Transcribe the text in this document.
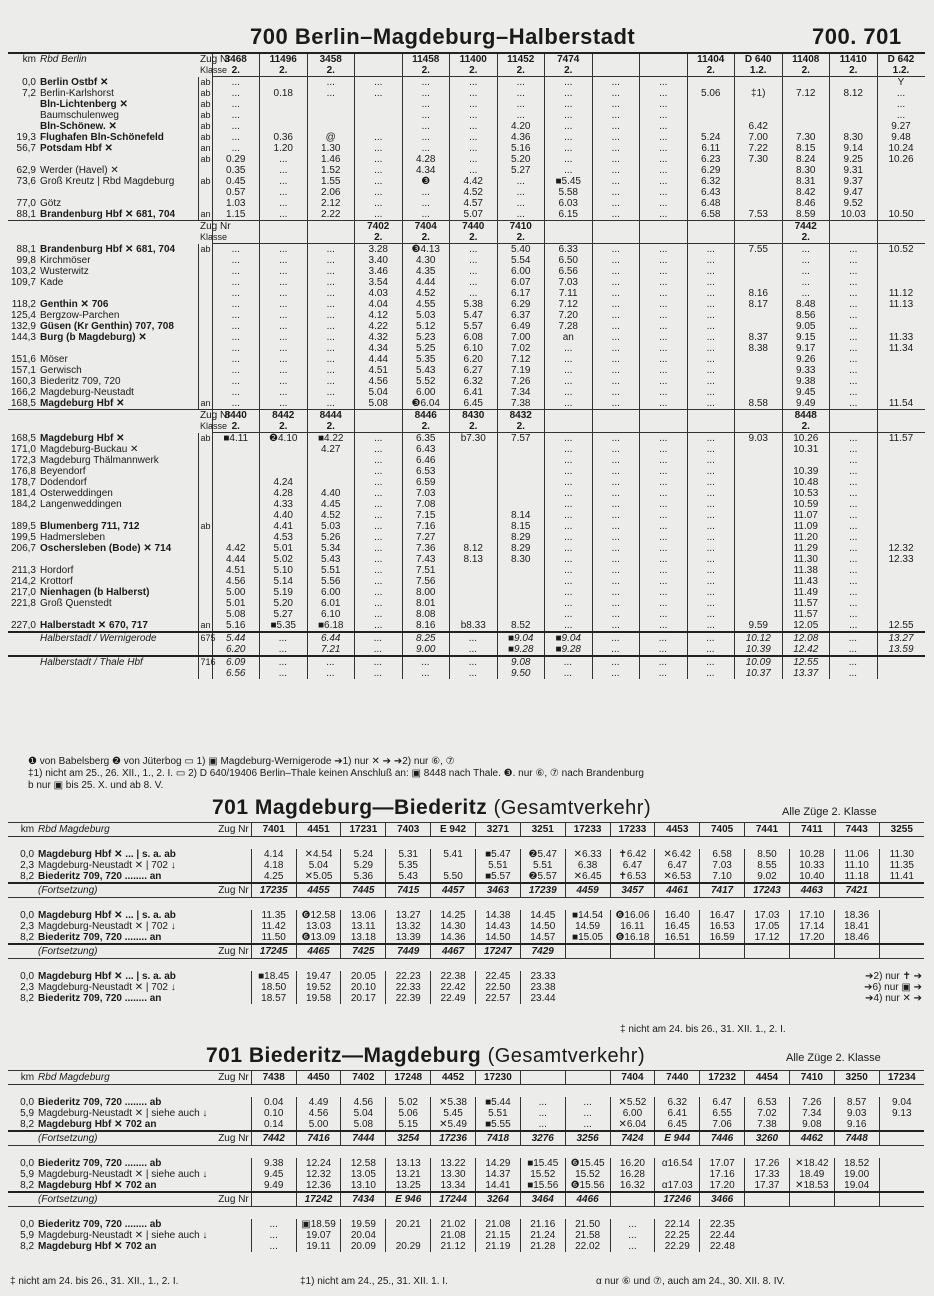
700 Berlin–Magdeburg–Halberstadt	700. 701
km	Rbd Berlin	Zug Nr	3468	11496	3458		11458	11400	11452	7474			11404	D 640	11408	11410	D 642
		Klasse	2.	2.	2.		2.	2.	2.	2.			2.	1.2.	2.	2.	1.2.
0,0	Berlin Ostbf ✕	ab	...		...	...	...	...	...	...	...	...					Y
7,2	Berlin-Karlshorst	ab	...	0.18	...	...	...	...	...	...	...	...	5.06	‡1)	7.12	8.12	...
	Bln-Lichtenberg ✕	ab	...				...	...	...	...	...	...					...
	Baumschulenweg	ab	...				...	...	...	...	...	...					...
	Bln-Schönew. ✕	ab	...				...	...	4.20	...	...	...		6.42			9.27
19,3	Flughafen Bln-Schönefeld	ab	...	0.36	@	...	...	...	4.36	...	...	...	5.24	7.00	7.30	8.30	9.48
56,7	Potsdam Hbf ✕	an	...	1.20	1.30	...	...	...	5.16	...	...	...	6.11	7.22	8.15	9.14	10.24
		ab	0.29	...	1.46	...	4.28	...	5.20	...	...	...	6.23	7.30	8.24	9.25	10.26
62,9	Werder (Havel) ✕		0.35	...	1.52	...	4.34	...	5.27	...	...	...	6.29		8.30	9.31	
73,6	Groß Kreutz | Rbd Magdeburg	ab	0.45	...	1.55	...	❸	4.42	...	■5.45	...	...	6.32		8.31	9.37	
			0.57	...	2.06	...	...	4.52	...	5.58	...	...	6.43		8.42	9.47	
77,0	Götz		1.03	...	2.12	...	...	4.57	...	6.03	...	...	6.48		8.46	9.52	
88,1	Brandenburg Hbf ✕ 681, 704	an	1.15	...	2.22	...	...	5.07	...	6.15	...	...	6.58	7.53	8.59	10.03	10.50
		Zug Nr				7402	7404	7440	7410						7442		
		Klasse				2.	2.	2.	2.						2.		
88,1	Brandenburg Hbf ✕ 681, 704	ab	...	...	...	3.28	❸4.13	...	5.40	6.33	...	...	...	7.55	...	...	10.52
99,8	Kirchmöser		...	...	...	3.40	4.30	...	5.54	6.50	...	...	...		...	...	
103,2	Wusterwitz		...	...	...	3.46	4.35	...	6.00	6.56	...	...	...		...	...	
109,7	Kade		...	...	...	3.54	4.44	...	6.07	7.03	...	...	...		...	...	
			...	...	...	4.03	4.52	...	6.17	7.11	...	...	...	8.16	...	...	11.12
118,2	Genthin ✕ 706		...	...	...	4.04	4.55	5.38	6.29	7.12	...	...	...	8.17	8.48	...	11.13
125,4	Bergzow-Parchen		...	...	...	4.12	5.03	5.47	6.37	7.20	...	...	...		8.56	...	
132,9	Güsen (Kr Genthin) 707, 708		...	...	...	4.22	5.12	5.57	6.49	7.28	...	...	...		9.05	...	
144,3	Burg (b Magdeburg) ✕		...	...	...	4.32	5.23	6.08	7.00	an	...	...	...	8.37	9.15	...	11.33
			...	...	...	4.34	5.25	6.10	7.02	...	...	...	...	8.38	9.17	...	11.34
151,6	Möser		...	...	...	4.44	5.35	6.20	7.12	...	...	...	...		9.26	...	
157,1	Gerwisch		...	...	...	4.51	5.43	6.27	7.19	...	...	...	...		9.33	...	
160,3	Biederitz 709, 720		...	...	...	4.56	5.52	6.32	7.26	...	...	...	...		9.38	...	
166,2	Magdeburg-Neustadt		...	...	...	5.04	6.00	6.41	7.34	...	...	...	...		9.45	...	
168,5	Magdeburg Hbf ✕	an	...	...	...	5.08	❸6.04	6.45	7.38	...	...	...	...	8.58	9.49	...	11.54
		Zug Nr	8440	8442	8444		8446	8430	8432						8448		
		Klasse	2.	2.	2.		2.	2.	2.						2.		
168,5	Magdeburg Hbf ✕	ab	■4.11	❷4.10	■4.22	...	6.35	b7.30	7.57	...	...	...	...	9.03	10.26	...	11.57
171,0	Magdeburg-Buckau ✕				4.27	...	6.43			...	...	...	...		10.31	...	
172,3	Magdeburg Thälmannwerk					...	6.46			...	...	...	...			...	
176,8	Beyendorf					...	6.53			...	...	...	...		10.39	...	
178,7	Dodendorf			4.24		...	6.59			...	...	...	...		10.48	...	
181,4	Osterweddingen			4.28	4.40	...	7.03			...	...	...	...		10.53	...	
184,2	Langenweddingen			4.33	4.45	...	7.08			...	...	...	...		10.59	...	
				4.40	4.52	...	7.15		8.14	...	...	...	...		11.07	...	
189,5	Blumenberg 711, 712	ab		4.41	5.03	...	7.16		8.15	...	...	...	...		11.09	...	
199,5	Hadmersleben			4.53	5.26	...	7.27		8.29	...	...	...	...		11.20	...	
206,7	Oschersleben (Bode) ✕ 714		4.42	5.01	5.34	...	7.36	8.12	8.29	...	...	...	...		11.29	...	12.32
			4.44	5.02	5.43	...	7.43	8.13	8.30	...	...	...	...		11.30	...	12.33
211,3	Hordorf		4.51	5.10	5.51	...	7.51			...	...	...	...		11.38	...	
214,2	Krottorf		4.56	5.14	5.56	...	7.56			...	...	...	...		11.43	...	
217,0	Nienhagen (b Halberst)		5.00	5.19	6.00	...	8.00			...	...	...	...		11.49	...	
221,8	Groß Quenstedt		5.01	5.20	6.01	...	8.01			...	...	...	...		11.57	...	
			5.08	5.27	6.10	...	8.08			...	...	...	...		11.57	...	
227,0	Halberstadt ✕ 670, 717	an	5.16	■5.35	■6.18	...	8.16	b8.33	8.52	...	...	...	...	9.59	12.05	...	12.55
	Halberstadt / Wernigerode	675	5.44	...	6.44	...	8.25	...	■9.04	■9.04	...	...	...	10.12	12.08	...	13.27
			6.20	...	7.21	...	9.00	...	■9.28	■9.28	...	...	...	10.39	12.42	...	13.59
	Halberstadt / Thale Hbf	716	6.09	...	...	...	...	...	9.08	...	...	...	...	10.09	12.55	...	
			6.56	...	...	...	...	...	9.50	...	...	...	...	10.37	13.37	...	
❶ von Babelsberg ❷ von Jüterbog ▭ 1) ▣ Magdeburg-Wernigerode ➔1) nur ✕ ➔ ➔2) nur ⑥, ⑦
‡1) nicht am 25., 26. XII., 1., 2. I. ▭ 2) D 640/19406 Berlin–Thale keinen Anschluß an: ▣ 8448 nach Thale. ❸. nur ⑥, ⑦ nach Brandenburg
b nur ▣ bis 25. X. und ab 8. V.
701 Magdeburg—Biederitz (Gesamtverkehr)	Alle Züge 2. Klasse
km	Rbd Magdeburg Zug Nr	7401	4451	17231	7403	E 942	3271	3251	17233	17233	4453	7405	7441	7411	7443	3255

0,0	Magdeburg Hbf ✕ ... | s. a. ab	4.14	✕4.54	5.24	5.31	5.41	■5.47	❷5.47	✕6.33	✝6.42	✕6.42	6.58	8.50	10.28	11.06	11.30
2,3	Magdeburg-Neustadt ✕ | 702 ↓	4.18	5.04	5.29	5.35		5.51	5.51	6.38	6.47	6.47	7.03	8.55	10.33	11.10	11.35
8,2	Biederitz 709, 720 ........ an	4.25	✕5.05	5.36	5.43	5.50	■5.57	❷5.57	✕6.45	✝6.53	✕6.53	7.10	9.02	10.40	11.18	11.41
	(Fortsetzung) Zug Nr	17235	4455	7445	7415	4457	3463	17239	4459	3457	4461	7417	17243	4463	7421	

0,0	Magdeburg Hbf ✕ ... | s. a. ab	11.35	❻12.58	13.06	13.27	14.25	14.38	14.45	■14.54	❻16.06	16.40	16.47	17.03	17.10	18.36	
2,3	Magdeburg-Neustadt ✕ | 702 ↓	11.42	13.03	13.11	13.32	14.30	14.43	14.50	14.59	16.11	16.45	16.53	17.05	17.14	18.41	
8,2	Biederitz 709, 720 ........ an	11.50	❻13.09	13.18	13.39	14.36	14.50	14.57	■15.05	❻16.18	16.51	16.59	17.12	17.20	18.46	
	(Fortsetzung) Zug Nr	17245	4465	7425	7449	4467	17247	7429								

0,0	Magdeburg Hbf ✕ ... | s. a. ab	■18.45	19.47	20.05	22.23	22.38	22.45	23.33	➔2) nur ✝ ➔							
2,3	Magdeburg-Neustadt ✕ | 702 ↓	18.50	19.52	20.10	22.33	22.42	22.50	23.38	➔6) nur ▣ ➔							
8,2	Biederitz 709, 720 ........ an	18.57	19.58	20.17	22.39	22.49	22.57	23.44	➔4) nur ✕ ➔							
‡ nicht am 24. bis 26., 31. XII. 1., 2. I.
701 Biederitz—Magdeburg (Gesamtverkehr)	Alle Züge 2. Klasse
km	Rbd Magdeburg Zug Nr	7438	4450	7402	17248	4452	17230			7404	7440	17232	4454	7410	3250	17234

0,0	Biederitz 709, 720 ........ ab	0.04	4.49	4.56	5.02	✕5.38	■5.44	...	...	✕5.52	6.32	6.47	6.53	7.26	8.57	9.04
5,9	Magdeburg-Neustadt ✕ | siehe auch ↓	0.10	4.56	5.04	5.06	5.45	5.51	...	...	6.00	6.41	6.55	7.02	7.34	9.03	9.13
8,2	Magdeburg Hbf ✕ 702 an	0.14	5.00	5.08	5.15	✕5.49	■5.55	...	...	✕6.04	6.45	7.06	7.38	9.08	9.16	
	(Fortsetzung) Zug Nr	7442	7416	7444	3254	17236	7418	3276	3256	7424	E 944	7446	3260	4462	7448	

0,0	Biederitz 709, 720 ........ ab	9.38	12.24	12.58	13.13	13.22	14.29	■15.45	❻15.45	16.20	α16.54	17.07	17.26	✕18.42	18.52	
5,9	Magdeburg-Neustadt ✕ | siehe auch ↓	9.45	12.32	13.05	13.21	13.30	14.37	15.52	15.52	16.28		17.16	17.33	18.49	19.00	
8,2	Magdeburg Hbf ✕ 702 an	9.49	12.36	13.10	13.25	13.34	14.41	■15.56	❻15.56	16.32	α17.03	17.20	17.37	✕18.53	19.04	
	(Fortsetzung) Zug Nr		17242	7434	E 946	17244	3264	3464	4466		17246	3466				

0,0	Biederitz 709, 720 ........ ab	...	▣18.59	19.59	20.21	21.02	21.08	21.16	21.50	...	22.14	22.35				
5,9	Magdeburg-Neustadt ✕ | siehe auch ↓	...	19.07	20.04		21.08	21.15	21.24	21.58	...	22.25	22.44				
8,2	Magdeburg Hbf ✕ 702 an	...	19.11	20.09	20.29	21.12	21.19	21.28	22.02	...	22.29	22.48				
‡ nicht am 24. bis 26., 31. XII., 1., 2. I.	‡1) nicht am 24., 25., 31. XII. 1. I.	α nur ⑥ und ⑦, auch am 24., 30. XII. 8. IV.
